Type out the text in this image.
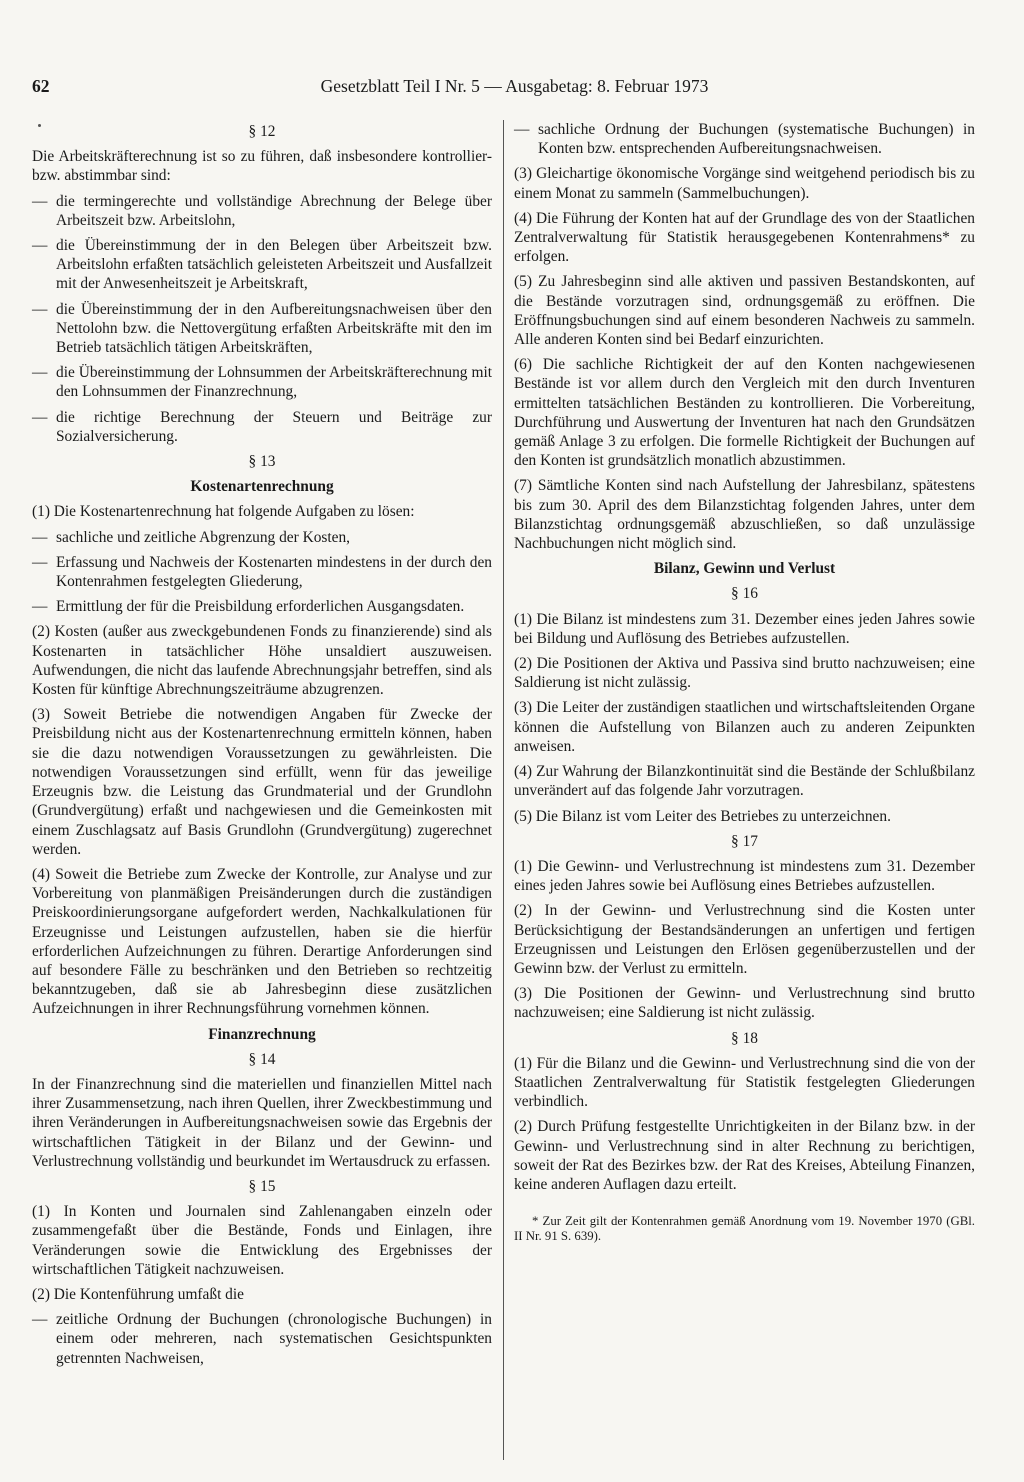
62	Gesetzblatt Teil I Nr. 5 — Ausgabetag: 8. Februar 1973
§ 12

Die Arbeitskräfterechnung ist so zu führen, daß insbesondere kontrollier- bzw. abstimmbar sind:

— die termingerechte und vollständige Abrechnung der Belege über Arbeitszeit bzw. Arbeitslohn,

— die Übereinstimmung der in den Belegen über Arbeitszeit bzw. Arbeitslohn erfaßten tatsächlich geleisteten Arbeitszeit und Ausfallzeit mit der Anwesenheitszeit je Arbeitskraft,

— die Übereinstimmung der in den Aufbereitungsnachweisen über den Nettolohn bzw. die Nettovergütung erfaßten Arbeitskräfte mit den im Betrieb tatsächlich tätigen Arbeitskräften,

— die Übereinstimmung der Lohnsummen der Arbeitskräfterechnung mit den Lohnsummen der Finanzrechnung,

— die richtige Berechnung der Steuern und Beiträge zur Sozialversicherung.

§ 13
Kostenartenrechnung

(1) Die Kostenartenrechnung hat folgende Aufgaben zu lösen:

— sachliche und zeitliche Abgrenzung der Kosten,

— Erfassung und Nachweis der Kostenarten mindestens in der durch den Kontenrahmen festgelegten Gliederung,

— Ermittlung der für die Preisbildung erforderlichen Ausgangsdaten.

(2) Kosten (außer aus zweckgebundenen Fonds zu finanzierende) sind als Kostenarten in tatsächlicher Höhe unsaldiert auszuweisen. Aufwendungen, die nicht das laufende Abrechnungsjahr betreffen, sind als Kosten für künftige Abrechnungszeiträume abzugrenzen.

(3) Soweit Betriebe die notwendigen Angaben für Zwecke der Preisbildung nicht aus der Kostenartenrechnung ermitteln können, haben sie die dazu notwendigen Voraussetzungen zu gewährleisten. Die notwendigen Voraussetzungen sind erfüllt, wenn für das jeweilige Erzeugnis bzw. die Leistung das Grundmaterial und der Grundlohn (Grundvergütung) erfaßt und nachgewiesen und die Gemeinkosten mit einem Zuschlagsatz auf Basis Grundlohn (Grundvergütung) zugerechnet werden.

(4) Soweit die Betriebe zum Zwecke der Kontrolle, zur Analyse und zur Vorbereitung von planmäßigen Preisänderungen durch die zuständigen Preiskoordinierungsorgane aufgefordert werden, Nachkalkulationen für Erzeugnisse und Leistungen aufzustellen, haben sie die hierfür erforderlichen Aufzeichnungen zu führen. Derartige Anforderungen sind auf besondere Fälle zu beschränken und den Betrieben so rechtzeitig bekanntzugeben, daß sie ab Jahresbeginn diese zusätzlichen Aufzeichnungen in ihrer Rechnungsführung vornehmen können.

Finanzrechnung
§ 14

In der Finanzrechnung sind die materiellen und finanziellen Mittel nach ihrer Zusammensetzung, nach ihren Quellen, ihrer Zweckbestimmung und ihren Veränderungen in Aufbereitungsnachweisen sowie das Ergebnis der wirtschaftlichen Tätigkeit in der Bilanz und der Gewinn- und Verlustrechnung vollständig und beurkundet im Wertausdruck zu erfassen.

§ 15

(1) In Konten und Journalen sind Zahlenangaben einzeln oder zusammengefaßt über die Bestände, Fonds und Einlagen, ihre Veränderungen sowie die Entwicklung des Ergebnisses der wirtschaftlichen Tätigkeit nachzuweisen.

(2) Die Kontenführung umfaßt die

— zeitliche Ordnung der Buchungen (chronologische Buchungen) in einem oder mehreren, nach systematischen Gesichtspunkten getrennten Nachweisen,

— sachliche Ordnung der Buchungen (systematische Buchungen) in Konten bzw. entsprechenden Aufbereitungsnachweisen.

(3) Gleichartige ökonomische Vorgänge sind weitgehend periodisch bis zu einem Monat zu sammeln (Sammelbuchungen).

(4) Die Führung der Konten hat auf der Grundlage des von der Staatlichen Zentralverwaltung für Statistik herausgegebenen Kontenrahmens* zu erfolgen.

(5) Zu Jahresbeginn sind alle aktiven und passiven Bestandskonten, auf die Bestände vorzutragen sind, ordnungsgemäß zu eröffnen. Die Eröffnungsbuchungen sind auf einem besonderen Nachweis zu sammeln. Alle anderen Konten sind bei Bedarf einzurichten.

(6) Die sachliche Richtigkeit der auf den Konten nachgewiesenen Bestände ist vor allem durch den Vergleich mit den durch Inventuren ermittelten tatsächlichen Beständen zu kontrollieren. Die Vorbereitung, Durchführung und Auswertung der Inventuren hat nach den Grundsätzen gemäß Anlage 3 zu erfolgen. Die formelle Richtigkeit der Buchungen auf den Konten ist grundsätzlich monatlich abzustimmen.

(7) Sämtliche Konten sind nach Aufstellung der Jahresbilanz, spätestens bis zum 30. April des dem Bilanzstichtag folgenden Jahres, unter dem Bilanzstichtag ordnungsgemäß abzuschließen, so daß unzulässige Nachbuchungen nicht möglich sind.

Bilanz, Gewinn und Verlust
§ 16

(1) Die Bilanz ist mindestens zum 31. Dezember eines jeden Jahres sowie bei Bildung und Auflösung des Betriebes aufzustellen.

(2) Die Positionen der Aktiva und Passiva sind brutto nachzuweisen; eine Saldierung ist nicht zulässig.

(3) Die Leiter der zuständigen staatlichen und wirtschaftsleitenden Organe können die Aufstellung von Bilanzen auch zu anderen Zeipunkten anweisen.

(4) Zur Wahrung der Bilanzkontinuität sind die Bestände der Schlußbilanz unverändert auf das folgende Jahr vorzutragen.

(5) Die Bilanz ist vom Leiter des Betriebes zu unterzeichnen.

§ 17

(1) Die Gewinn- und Verlustrechnung ist mindestens zum 31. Dezember eines jeden Jahres sowie bei Auflösung eines Betriebes aufzustellen.

(2) In der Gewinn- und Verlustrechnung sind die Kosten unter Berücksichtigung der Bestandsänderungen an unfertigen und fertigen Erzeugnissen und Leistungen den Erlösen gegenüberzustellen und der Gewinn bzw. der Verlust zu ermitteln.

(3) Die Positionen der Gewinn- und Verlustrechnung sind brutto nachzuweisen; eine Saldierung ist nicht zulässig.

§ 18

(1) Für die Bilanz und die Gewinn- und Verlustrechnung sind die von der Staatlichen Zentralverwaltung für Statistik festgelegten Gliederungen verbindlich.

(2) Durch Prüfung festgestellte Unrichtigkeiten in der Bilanz bzw. in der Gewinn- und Verlustrechnung sind in alter Rechnung zu berichtigen, soweit der Rat des Bezirkes bzw. der Rat des Kreises, Abteilung Finanzen, keine anderen Auflagen dazu erteilt.

* Zur Zeit gilt der Kontenrahmen gemäß Anordnung vom 19. November 1970 (GBl. II Nr. 91 S. 639).
